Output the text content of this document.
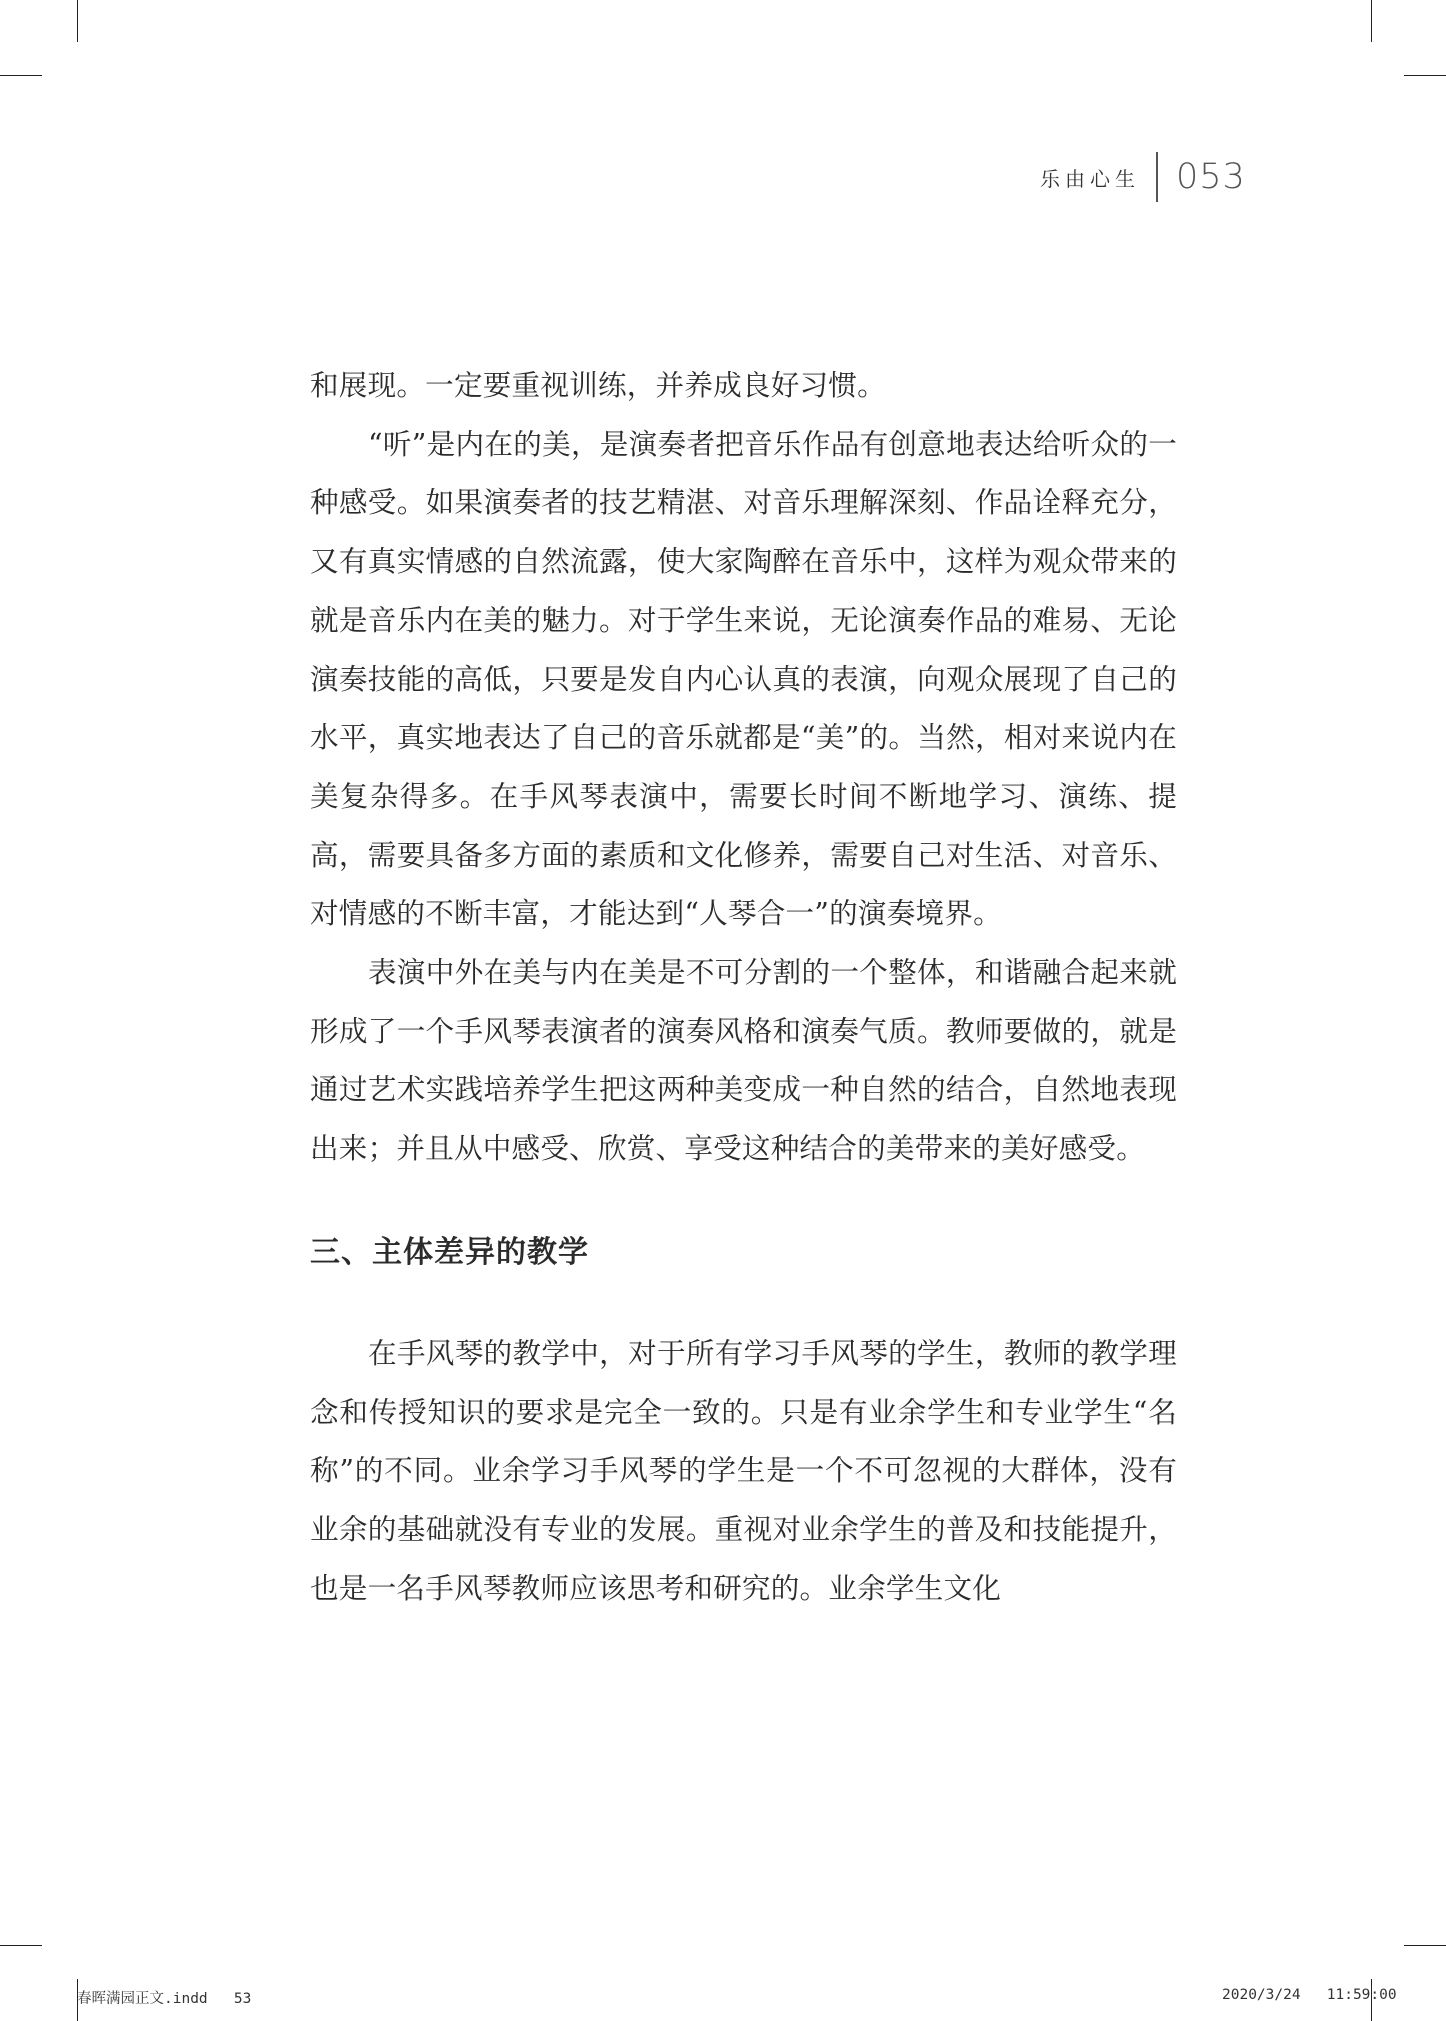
乐由心生 053

和展现。一定要重视训练，并养成良好习惯。

“听”是内在的美，是演奏者把音乐作品有创意地表达给听众的一种感受。如果演奏者的技艺精湛、对音乐理解深刻、作品诠释充分，又有真实情感的自然流露，使大家陶醉在音乐中，这样为观众带来的就是音乐内在美的魅力。对于学生来说，无论演奏作品的难易、无论演奏技能的高低，只要是发自内心认真的表演，向观众展现了自己的水平，真实地表达了自己的音乐就都是“美”的。当然，相对来说内在美复杂得多。在手风琴表演中，需要长时间不断地学习、演练、提高，需要具备多方面的素质和文化修养，需要自己对生活、对音乐、对情感的不断丰富，才能达到“人琴合一”的演奏境界。

表演中外在美与内在美是不可分割的一个整体，和谐融合起来就形成了一个手风琴表演者的演奏风格和演奏气质。教师要做的，就是通过艺术实践培养学生把这两种美变成一种自然的结合，自然地表现出来；并且从中感受、欣赏、享受这种结合的美带来的美好感受。

三、主体差异的教学

在手风琴的教学中，对于所有学习手风琴的学生，教师的教学理念和传授知识的要求是完全一致的。只是有业余学生和专业学生“名称”的不同。业余学习手风琴的学生是一个不可忽视的大群体，没有业余的基础就没有专业的发展。重视对业余学生的普及和技能提升，也是一名手风琴教师应该思考和研究的。业余学生文化

春晖满园正文.indd   53	2020/3/24   11:59:00
